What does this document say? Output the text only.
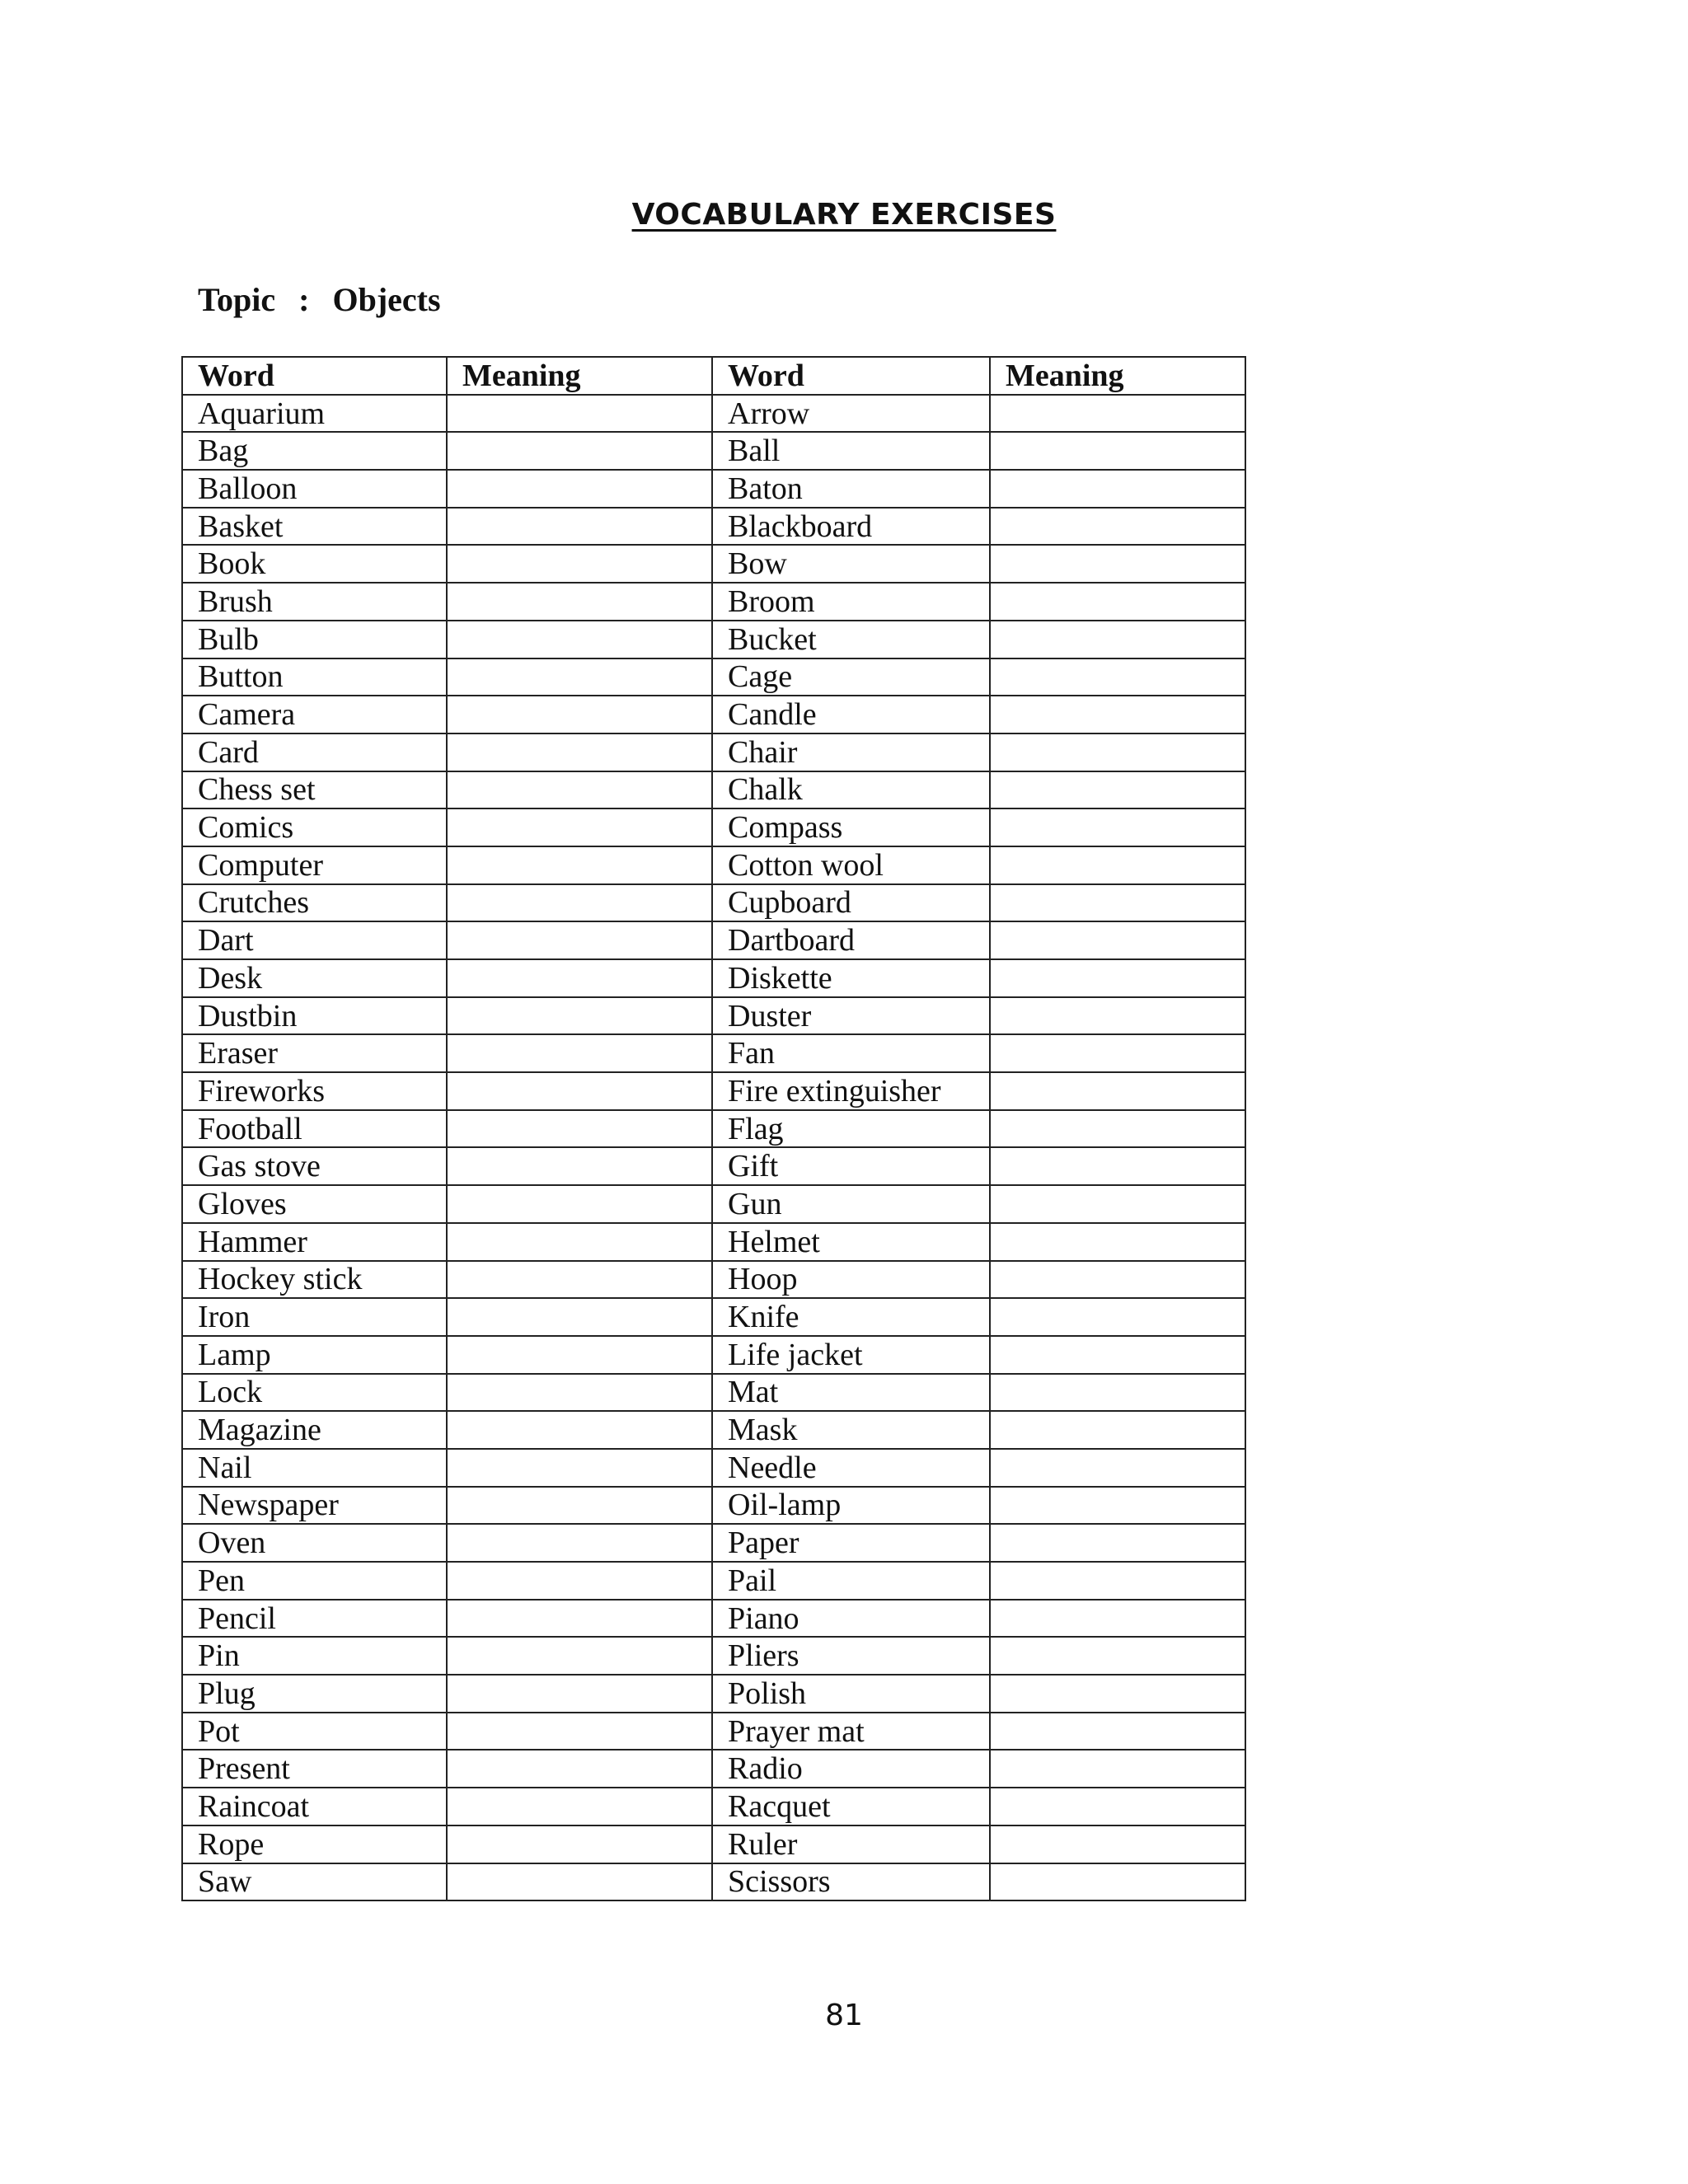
VOCABULARY EXERCISES
Topic : Objects
Word	Meaning	Word	Meaning
Aquarium		Arrow	
Bag		Ball	
Balloon		Baton	
Basket		Blackboard	
Book		Bow	
Brush		Broom	
Bulb		Bucket	
Button		Cage	
Camera		Candle	
Card		Chair	
Chess set		Chalk	
Comics		Compass	
Computer		Cotton wool	
Crutches		Cupboard	
Dart		Dartboard	
Desk		Diskette	
Dustbin		Duster	
Eraser		Fan	
Fireworks		Fire extinguisher	
Football		Flag	
Gas stove		Gift	
Gloves		Gun	
Hammer		Helmet	
Hockey stick		Hoop	
Iron		Knife	
Lamp		Life jacket	
Lock		Mat	
Magazine		Mask	
Nail		Needle	
Newspaper		Oil-lamp	
Oven		Paper	
Pen		Pail	
Pencil		Piano	
Pin		Pliers	
Plug		Polish	
Pot		Prayer mat	
Present		Radio	
Raincoat		Racquet	
Rope		Ruler	
Saw		Scissors	
81
